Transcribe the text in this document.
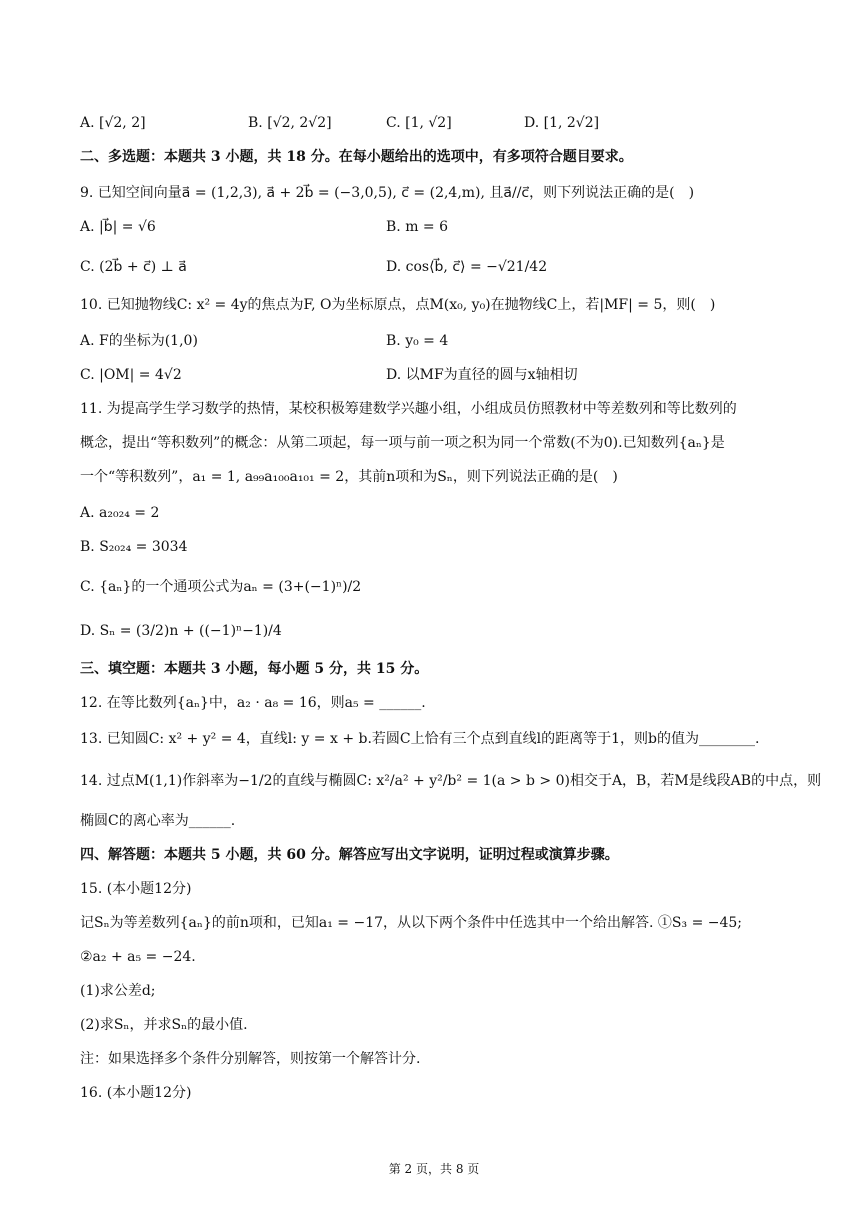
A. [√2, 2]	B. [√2, 2√2]	C. [1, √2]	D. [1, 2√2]
二、多选题：本题共 3 小题，共 18 分。在每小题给出的选项中，有多项符合题目要求。
9. 已知空间向量a⃗ = (1,2,3), a⃗ + 2b⃗ = (−3,0,5), c⃗ = (2,4,m), 且a⃗//c⃗，则下列说法正确的是(　)
A. |b⃗| = √6	B. m = 6
C. (2b⃗ + c⃗) ⊥ a⃗	D. cos⟨b⃗, c⃗⟩ = −√21/42
10. 已知抛物线C: x² = 4y的焦点为F, O为坐标原点，点M(x₀, y₀)在抛物线C上，若|MF| = 5，则(　)
A. F的坐标为(1,0)	B. y₀ = 4
C. |OM| = 4√2	D. 以MF为直径的圆与x轴相切
11. 为提高学生学习数学的热情，某校积极筹建数学兴趣小组，小组成员仿照教材中等差数列和等比数列的
概念，提出“等积数列”的概念：从第二项起，每一项与前一项之积为同一个常数(不为0).已知数列{aₙ}是
一个“等积数列”，a₁ = 1, a₉₉a₁₀₀a₁₀₁ = 2，其前n项和为Sₙ，则下列说法正确的是(　)
A. a₂₀₂₄ = 2
B. S₂₀₂₄ = 3034
C. {aₙ}的一个通项公式为aₙ = (3+(−1)ⁿ)/2
D. Sₙ = (3/2)n + ((−1)ⁿ−1)/4
三、填空题：本题共 3 小题，每小题 5 分，共 15 分。
12. 在等比数列{aₙ}中，a₂ · a₈ = 16，则a₅ = ______.
13. 已知圆C: x² + y² = 4，直线l: y = x + b.若圆C上恰有三个点到直线l的距离等于1，则b的值为________.
14. 过点M(1,1)作斜率为−1/2的直线与椭圆C: x²/a² + y²/b² = 1(a > b > 0)相交于A，B，若M是线段AB的中点，则
椭圆C的离心率为______.
四、解答题：本题共 5 小题，共 60 分。解答应写出文字说明，证明过程或演算步骤。
15. (本小题12分)
记Sₙ为等差数列{aₙ}的前n项和，已知a₁ = −17，从以下两个条件中任选其中一个给出解答. ①S₃ = −45;
②a₂ + a₅ = −24.
(1)求公差d;
(2)求Sₙ，并求Sₙ的最小值.
注：如果选择多个条件分别解答，则按第一个解答计分.
16. (本小题12分)
第 2 页，共 8 页
